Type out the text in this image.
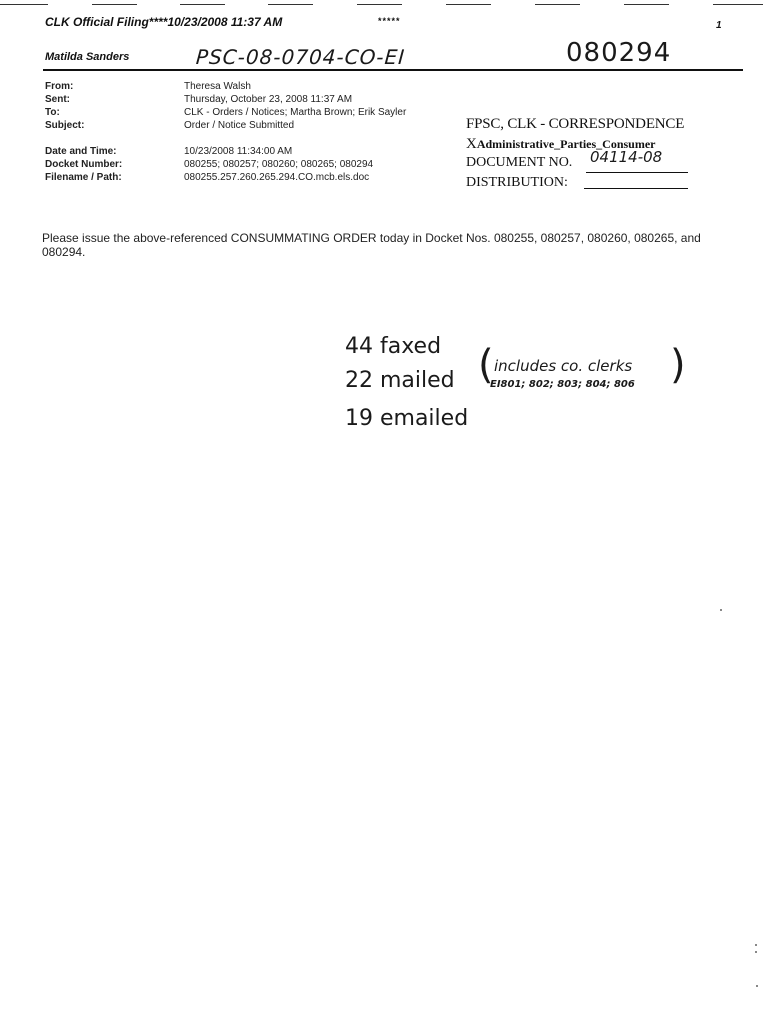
CLK Official Filing****10/23/2008 11:37 AM	*****	1
Matilda Sanders	PSC-08-0704-CO-EI	080294
From:	Theresa Walsh
Sent:	Thursday, October 23, 2008 11:37 AM
To:	CLK - Orders / Notices; Martha Brown; Erik Sayler
Subject:	Order / Notice Submitted
Date and Time:	10/23/2008 11:34:00 AM
Docket Number:	080255; 080257; 080260; 080265; 080294
Filename / Path:	080255.257.260.265.294.CO.mcb.els.doc
FPSC, CLK - CORRESPONDENCE
XAdministrative_Parties_Consumer
DOCUMENT NO. 04114-08
DISTRIBUTION:
Please issue the above-referenced CONSUMMATING ORDER today in Docket Nos. 080255, 080257, 080260, 080265, and 080294.
44 faxed
22 mailed
19 emailed
( includes co. clerks
EI801; 802; 803; 804; 806 )
